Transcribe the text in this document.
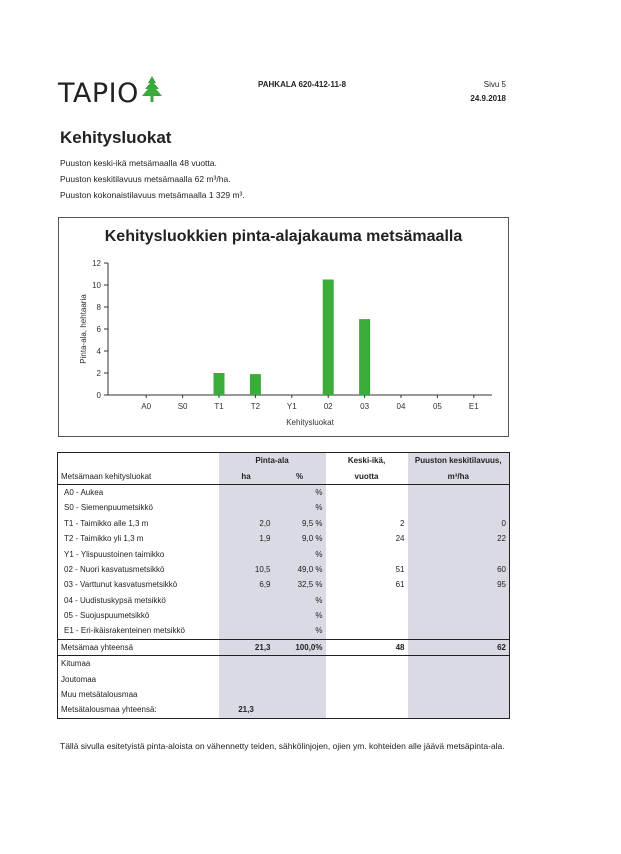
TAPIO	PAHKALA 620-412-11-8	Sivu 5
24.9.2018
Kehitysluokat
Puuston keski-ikä metsämaalla 48 vuotta.
Puuston keskitilavuus metsämaalla 62 m³/ha.
Puuston kokonaistilavuus metsämaalla 1 329 m³.
Kehitysluokkien pinta-alajakauma metsämaalla
0
2
4
6
8
10
12
Pinta-ala, hehtaaria
A0	S0	T1	T2	Y1	02	03	04	05	E1
Kehitysluokat
	Pinta-ala		Keski-ikä,	Puuston keskitilavuus,
Metsämaan kehitysluokat	ha	%	vuotta	m³/ha
A0 - Aukea		%		
S0 - Siemenpuumetsikkö		%		
T1 - Taimikko alle 1,3 m	2,0	9,5 %	2	0
T2 - Taimikko yli 1,3 m	1,9	9,0 %	24	22
Y1 - Ylispuustoinen taimikko		%		
02 - Nuori kasvatusmetsikkö	10,5	49,0 %	51	60
03 - Varttunut kasvatusmetsikkö	6,9	32,5 %	61	95
04 - Uudistuskypsä metsikkö		%		
05 - Suojuspuumetsikkö		%		
E1 - Eri-ikäisrakenteinen metsikkö		%		
Metsämaa yhteensä	21,3	100,0%	48	62
Kitumaa				
Joutomaa				
Muu metsätalousmaa				
Metsätalousmaa yhteensä:	21,3			
Tällä sivulla esitetyistä pinta-aloista on vähennetty teiden, sähkölinjojen, ojien ym. kohteiden alle jäävä metsäpinta-ala.
